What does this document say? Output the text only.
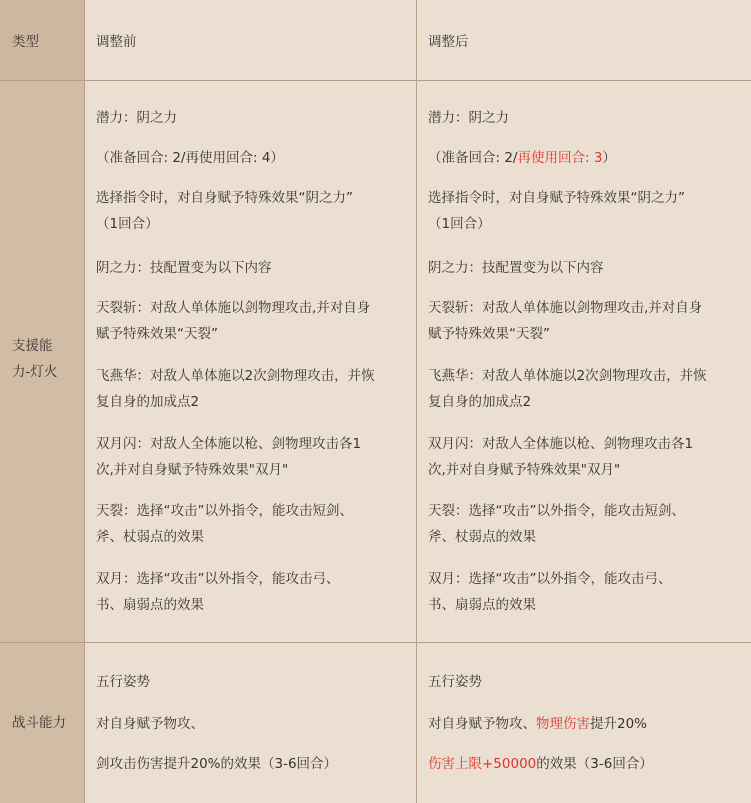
类型	调整前	调整后
支援能
力-灯火
潜力：阴之力
（准备回合: 2/再使用回合: 4）
选择指令时，对自身赋予特殊效果“阴之力”
（1回合）
阴之力：技配置变为以下内容
天裂斩：对敌人单体施以剑物理攻击,并对自身
赋予特殊效果“天裂”
飞燕华：对敌人单体施以2次剑物理攻击，并恢
复自身的加成点2
双月闪：对敌人全体施以枪、剑物理攻击各1
次,并对自身赋予特殊效果"双月"
天裂：选择“攻击”以外指令，能攻击短剑、
斧、杖弱点的效果
双月：选择“攻击”以外指令，能攻击弓、
书、扇弱点的效果
潜力：阴之力
（准备回合: 2/再使用回合: 3）
选择指令时，对自身赋予特殊效果“阴之力”
（1回合）
阴之力：技配置变为以下内容
天裂斩：对敌人单体施以剑物理攻击,并对自身
赋予特殊效果“天裂”
飞燕华：对敌人单体施以2次剑物理攻击，并恢
复自身的加成点2
双月闪：对敌人全体施以枪、剑物理攻击各1
次,并对自身赋予特殊效果"双月"
天裂：选择“攻击”以外指令，能攻击短剑、
斧、杖弱点的效果
双月：选择“攻击”以外指令，能攻击弓、
书、扇弱点的效果
战斗能力
五行姿势
对自身赋予物攻、
剑攻击伤害提升20%的效果（3-6回合）
五行姿势
对自身赋予物攻、物理伤害提升20%
伤害上限+50000的效果（3-6回合）
